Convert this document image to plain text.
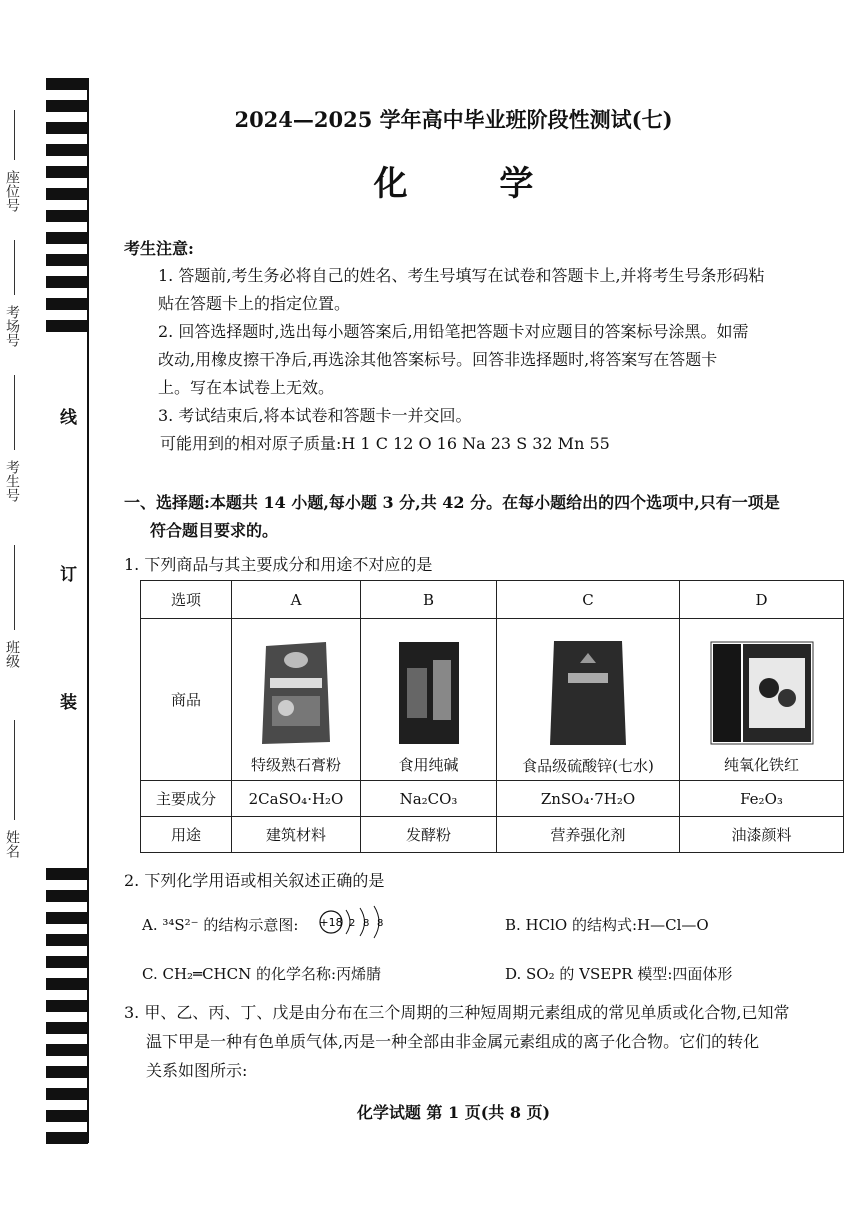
座位号
考场号
考生号
班级
姓名
线
订
装
2024—2025 学年高中毕业班阶段性测试(七)
化 学
考生注意:
1. 答题前,考生务必将自己的姓名、考生号填写在试卷和答题卡上,并将考生号条形码粘
贴在答题卡上的指定位置。
2. 回答选择题时,选出每小题答案后,用铅笔把答题卡对应题目的答案标号涂黑。如需
改动,用橡皮擦干净后,再选涂其他答案标号。回答非选择题时,将答案写在答题卡
上。写在本试卷上无效。
3. 考试结束后,将本试卷和答题卡一并交回。
可能用到的相对原子质量:H 1 C 12 O 16 Na 23 S 32 Mn 55
一、选择题:本题共 14 小题,每小题 3 分,共 42 分。在每小题给出的四个选项中,只有一项是
符合题目要求的。
1. 下列商品与其主要成分和用途不对应的是
选项	A	B	C	D
商品	特级熟石膏粉	食用纯碱	食品级硫酸锌(七水)	纯氧化铁红

主要成分	2CaSO₄·H₂O	Na₂CO₃	ZnSO₄·7H₂O	Fe₂O₃
用途	建筑材料	发酵粉	营养强化剂	油漆颜料
2. 下列化学用语或相关叙述正确的是
A. ³⁴S²⁻ 的结构示意图: +18 2 8 8	B. HClO 的结构式:H—Cl—O
C. CH₂═CHCN 的化学名称:丙烯腈	D. SO₂ 的 VSEPR 模型:四面体形
3. 甲、乙、丙、丁、戊是由分布在三个周期的三种短周期元素组成的常见单质或化合物,已知常
温下甲是一种有色单质气体,丙是一种全部由非金属元素组成的离子化合物。它们的转化
关系如图所示:
化学试题 第 1 页(共 8 页)
